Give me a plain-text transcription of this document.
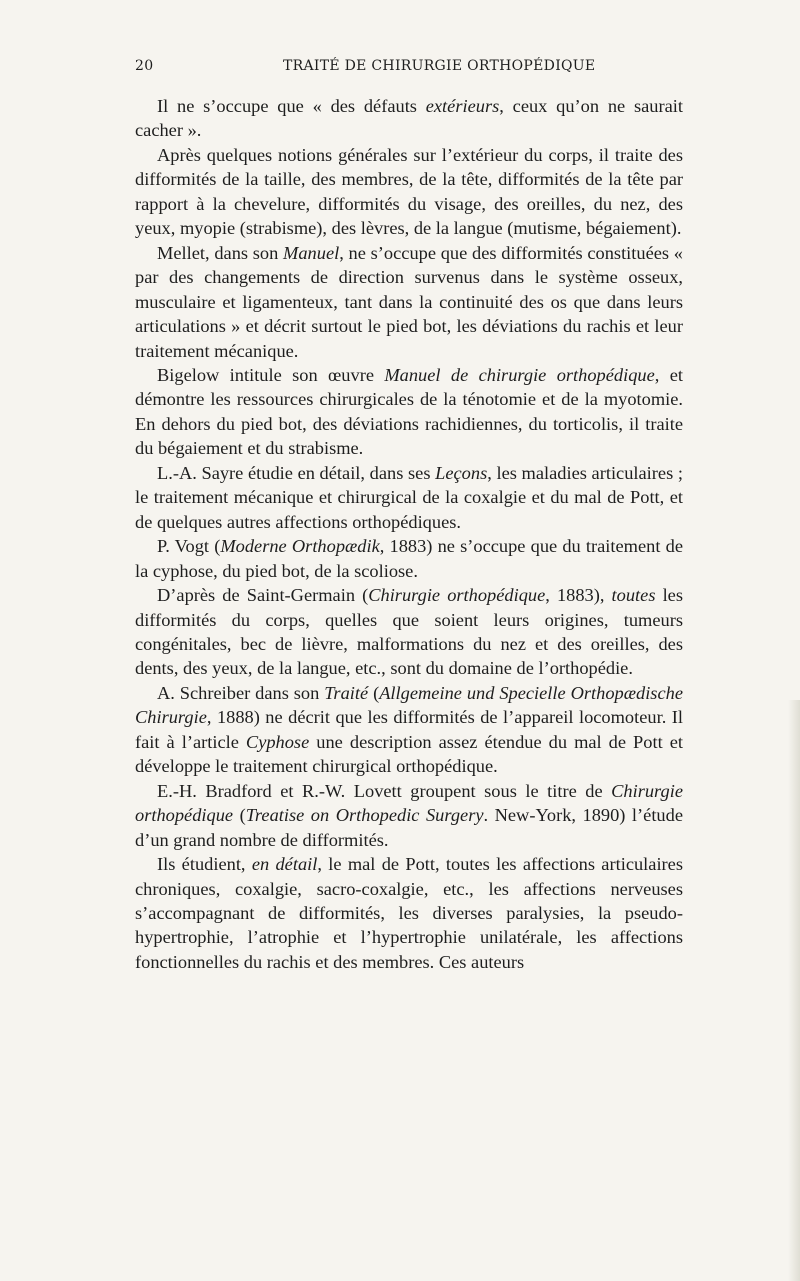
20	TRAITÉ DE CHIRURGIE ORTHOPÉDIQUE

Il ne s’occupe que « des défauts extérieurs, ceux qu’on ne saurait cacher ».

Après quelques notions générales sur l’extérieur du corps, il traite des difformités de la taille, des membres, de la tête, difformités de la tête par rapport à la chevelure, difformités du visage, des oreilles, du nez, des yeux, myopie (strabisme), des lèvres, de la langue (mutisme, bégaiement).

Mellet, dans son Manuel, ne s’occupe que des difformités constituées « par des changements de direction survenus dans le système osseux, musculaire et ligamenteux, tant dans la continuité des os que dans leurs articulations » et décrit surtout le pied bot, les déviations du rachis et leur traitement mécanique.

Bigelow intitule son œuvre Manuel de chirurgie orthopédique, et démontre les ressources chirurgicales de la ténotomie et de la myotomie. En dehors du pied bot, des déviations rachidiennes, du torticolis, il traite du bégaiement et du strabisme.

L.-A. Sayre étudie en détail, dans ses Leçons, les maladies articulaires ; le traitement mécanique et chirurgical de la coxalgie et du mal de Pott, et de quelques autres affections orthopédiques.

P. Vogt (Moderne Orthopædik, 1883) ne s’occupe que du traitement de la cyphose, du pied bot, de la scoliose.

D’après de Saint-Germain (Chirurgie orthopédique, 1883), toutes les difformités du corps, quelles que soient leurs origines, tumeurs congénitales, bec de lièvre, malformations du nez et des oreilles, des dents, des yeux, de la langue, etc., sont du domaine de l’orthopédie.

A. Schreiber dans son Traité (Allgemeine und Specielle Orthopædische Chirurgie, 1888) ne décrit que les difformités de l’appareil locomoteur. Il fait à l’article Cyphose une description assez étendue du mal de Pott et développe le traitement chirurgical orthopédique.

E.-H. Bradford et R.-W. Lovett groupent sous le titre de Chirurgie orthopédique (Treatise on Orthopedic Surgery. New-York, 1890) l’étude d’un grand nombre de difformités.

Ils étudient, en détail, le mal de Pott, toutes les affections articulaires chroniques, coxalgie, sacro-coxalgie, etc., les affections nerveuses s’accompagnant de difformités, les diverses paralysies, la pseudo-hypertrophie, l’atrophie et l’hypertrophie unilatérale, les affections fonctionnelles du rachis et des membres. Ces auteurs
